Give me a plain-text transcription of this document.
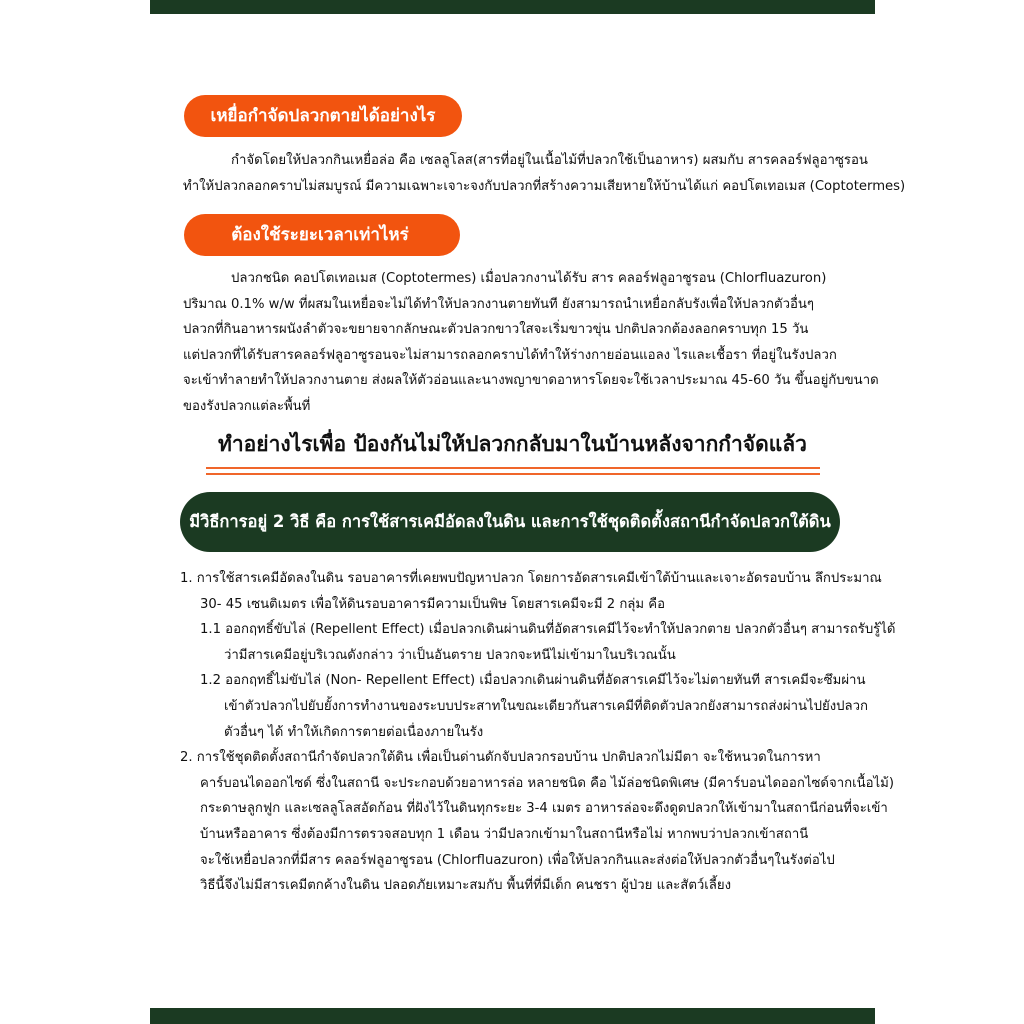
เหยื่อกำจัดปลวกตายได้อย่างไร

กำจัดโดยให้ปลวกกินเหยื่อล่อ คือ เซลลูโลส(สารที่อยู่ในเนื้อไม้ที่ปลวกใช้เป็นอาหาร) ผสมกับ สารคลอร์ฟลูอาซูรอน

ทำให้ปลวกลอกคราบไม่สมบูรณ์ มีความเฉพาะเจาะจงกับปลวกที่สร้างความเสียหายให้บ้านได้แก่ คอปโตเทอเมส (Coptotermes)

ต้องใช้ระยะเวลาเท่าไหร่

ปลวกชนิด คอปโตเทอเมส (Coptotermes) เมื่อปลวกงานได้รับ สาร คลอร์ฟลูอาซูรอน (Chlorfluazuron)

ปริมาณ 0.1% w/w ที่ผสมในเหยื่อจะไม่ได้ทำให้ปลวกงานตายทันที ยังสามารถนำเหยื่อกลับรังเพื่อให้ปลวกตัวอื่นๆ

ปลวกที่กินอาหารผนังลำตัวจะขยายจากลักษณะตัวปลวกขาวใสจะเริ่มขาวขุ่น ปกติปลวกต้องลอกคราบทุก 15 วัน

แต่ปลวกที่ได้รับสารคลอร์ฟลูอาซูรอนจะไม่สามารถลอกคราบได้ทำให้ร่างกายอ่อนแอลง ไรและเชื้อรา ที่อยู่ในรังปลวก

จะเข้าทำลายทำให้ปลวกงานตาย ส่งผลให้ตัวอ่อนและนางพญาขาดอาหารโดยจะใช้เวลาประมาณ 45-60 วัน ขึ้นอยู่กับขนาด

ของรังปลวกแต่ละพื้นที่

ทำอย่างไรเพื่อ ป้องกันไม่ให้ปลวกกลับมาในบ้านหลังจากกำจัดแล้ว
มีวิธีการอยู่ 2 วิธี คือ การใช้สารเคมีอัดลงในดิน และการใช้ชุดติดตั้งสถานีกำจัดปลวกใต้ดิน

1. การใช้สารเคมีอัดลงในดิน รอบอาคารที่เคยพบปัญหาปลวก โดยการอัดสารเคมีเข้าใต้บ้านและเจาะอัดรอบบ้าน ลึกประมาณ

30- 45 เซนติเมตร เพื่อให้ดินรอบอาคารมีความเป็นพิษ โดยสารเคมีจะมี 2 กลุ่ม คือ

1.1 ออกฤทธิ์ขับไล่ (Repellent Effect) เมื่อปลวกเดินผ่านดินที่อัดสารเคมีไว้จะทำให้ปลวกตาย ปลวกตัวอื่นๆ สามารถรับรู้ได้

ว่ามีสารเคมีอยู่บริเวณดังกล่าว ว่าเป็นอันตราย ปลวกจะหนีไม่เข้ามาในบริเวณนั้น

1.2 ออกฤทธิ์ไม่ขับไล่ (Non- Repellent Effect) เมื่อปลวกเดินผ่านดินที่อัดสารเคมีไว้จะไม่ตายทันที สารเคมีจะซึมผ่าน

เข้าตัวปลวกไปยับยั้งการทำงานของระบบประสาทในขณะเดียวกันสารเคมีที่ติดตัวปลวกยังสามารถส่งผ่านไปยังปลวก

ตัวอื่นๆ ได้ ทำให้เกิดการตายต่อเนื่องภายในรัง

2. การใช้ชุดติดตั้งสถานีกำจัดปลวกใต้ดิน เพื่อเป็นด่านดักจับปลวกรอบบ้าน ปกติปลวกไม่มีตา จะใช้หนวดในการหา

คาร์บอนไดออกไซด์ ซึ่งในสถานี จะประกอบด้วยอาหารล่อ หลายชนิด คือ ไม้ล่อชนิดพิเศษ (มีคาร์บอนไดออกไซด์จากเนื้อไม้)

กระดาษลูกฟูก และเซลลูโลสอัดก้อน ที่ฝังไว้ในดินทุกระยะ 3-4 เมตร อาหารล่อจะดึงดูดปลวกให้เข้ามาในสถานีก่อนที่จะเข้า

บ้านหรืออาคาร ซึ่งต้องมีการตรวจสอบทุก 1 เดือน ว่ามีปลวกเข้ามาในสถานีหรือไม่ หากพบว่าปลวกเข้าสถานี

จะใช้เหยื่อปลวกที่มีสาร คลอร์ฟลูอาซูรอน (Chlorfluazuron) เพื่อให้ปลวกกินและส่งต่อให้ปลวกตัวอื่นๆในรังต่อไป

วิธีนี้จึงไม่มีสารเคมีตกค้างในดิน ปลอดภัยเหมาะสมกับ พื้นที่ที่มีเด็ก คนชรา ผู้ป่วย และสัตว์เลี้ยง
